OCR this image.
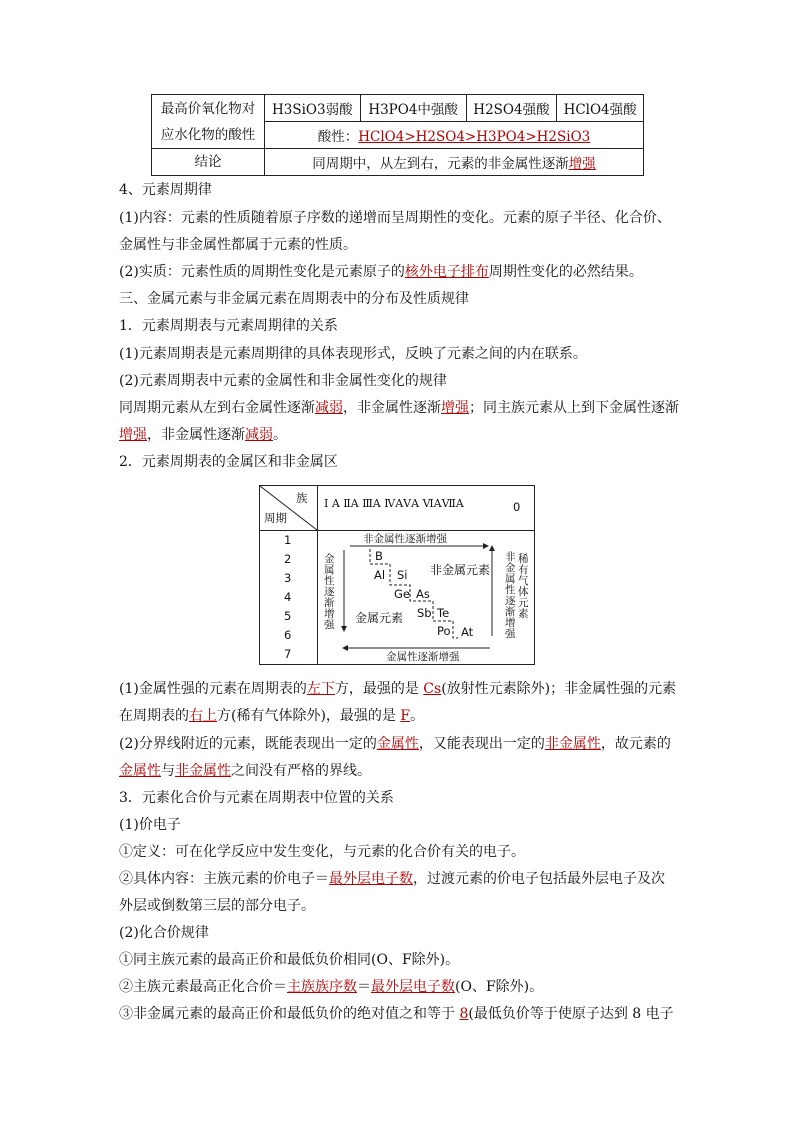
最高价氧化物对
应水化物的酸性	H3SiO3弱酸	H3PO4中强酸	H2SO4强酸	HClO4强酸
	酸性：HClO4>H2SO4>H3PO4>H2SiO3			
结论	同周期中，从左到右，元素的非金属性逐渐增强			
4、元素周期律
(1)内容：元素的性质随着原子序数的递增而呈周期性的变化。元素的原子半径、化合价、
金属性与非金属性都属于元素的性质。
(2)实质：元素性质的周期性变化是元素原子的核外电子排布周期性变化的必然结果。
三、金属元素与非金属元素在周期表中的分布及性质规律
1．元素周期表与元素周期律的关系
(1)元素周期表是元素周期律的具体表现形式，反映了元素之间的内在联系。
(2)元素周期表中元素的金属性和非金属性变化的规律
同周期元素从左到右金属性逐渐减弱，非金属性逐渐增强；同主族元素从上到下金属性逐渐
增强，非金属性逐渐减弱。
2．元素周期表的金属区和非金属区
族
周期
Ⅰ A ⅡA ⅢA ⅣAⅤA ⅥAⅦA	0
1
2
3
4
5
6
7
非金属性逐渐增强
金属性逐渐增强
金属性逐渐增强
非金属性逐渐增强
稀有气体元素
非金属元素
金属元素
B
Al Si
Ge As
Sb Te
Po At
(1)金属性强的元素在周期表的左下方，最强的是 Cs(放射性元素除外)；非金属性强的元素
在周期表的右上方(稀有气体除外)，最强的是 F。
(2)分界线附近的元素，既能表现出一定的金属性，又能表现出一定的非金属性，故元素的
金属性与非金属性之间没有严格的界线。
3．元素化合价与元素在周期表中位置的关系
(1)价电子
①定义：可在化学反应中发生变化，与元素的化合价有关的电子。
②具体内容：主族元素的价电子＝最外层电子数，过渡元素的价电子包括最外层电子及次
外层或倒数第三层的部分电子。
(2)化合价规律
①同主族元素的最高正价和最低负价相同(O、F除外)。
②主族元素最高正化合价＝主族族序数＝最外层电子数(O、F除外)。
③非金属元素的最高正价和最低负价的绝对值之和等于 8(最低负价等于使原子达到 8 电子
